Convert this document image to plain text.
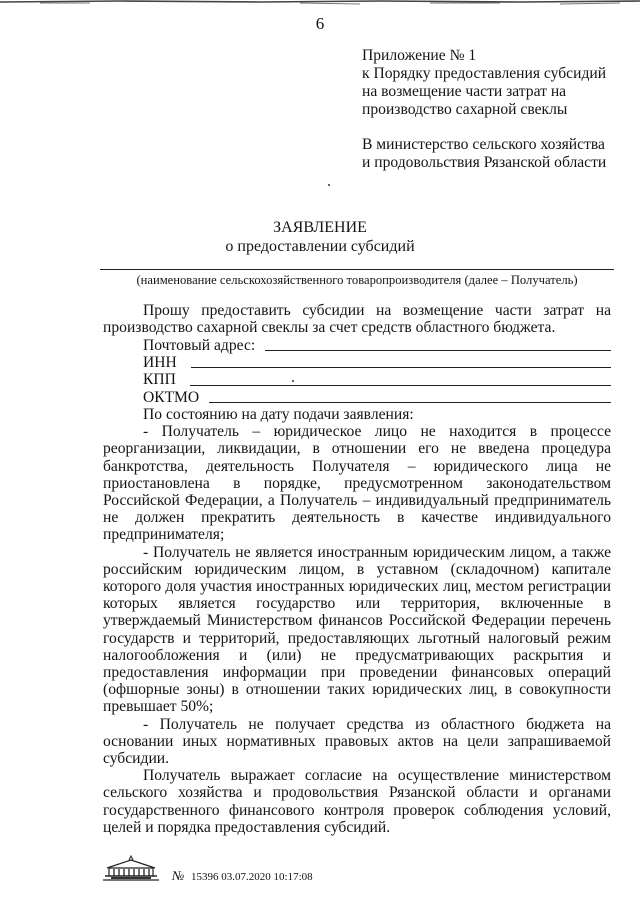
6
Приложение № 1
к Порядку предоставления субсидий
на возмещение части затрат на
производство сахарной свеклы
В министерство сельского хозяйства
и продовольствия Рязанской области
ЗАЯВЛЕНИЕ
о предоставлении субсидий
(наименование сельскохозяйственного товаропроизводителя (далее – Получатель)

Прошу предоставить субсидии на возмещение части затрат на производство сахарной свеклы за счет средств областного бюджета.

Почтовый адрес:
ИНН
КПП
ОКТМО
По состоянию на дату подачи заявления:

- Получатель – юридическое лицо не находится в процессе реорганизации, ликвидации, в отношении его не введена процедура банкротства, деятельность Получателя – юридического лица не приостановлена в порядке, предусмотренном законодательством Российской Федерации, а Получатель – индивидуальный предприниматель не должен прекратить деятельность в качестве индивидуального предпринимателя;

- Получатель не является иностранным юридическим лицом, а также российским юридическим лицом, в уставном (складочном) капитале которого доля участия иностранных юридических лиц, местом регистрации которых является государство или территория, включенные в утверждаемый Министерством финансов Российской Федерации перечень государств и территорий, предоставляющих льготный налоговый режим налогообложения и (или) не предусматривающих раскрытия и предоставления информации при проведении финансовых операций (офшорные зоны) в отношении таких юридических лиц, в совокупности превышает 50%;

- Получатель не получает средства из областного бюджета на основании иных нормативных правовых актов на цели запрашиваемой субсидии.

Получатель выражает согласие на осуществление министерством сельского хозяйства и продовольствия Рязанской области и органами государственного финансового контроля проверок соблюдения условий, целей и порядка предоставления субсидий.

№ 15396 03.07.2020 10:17:08
